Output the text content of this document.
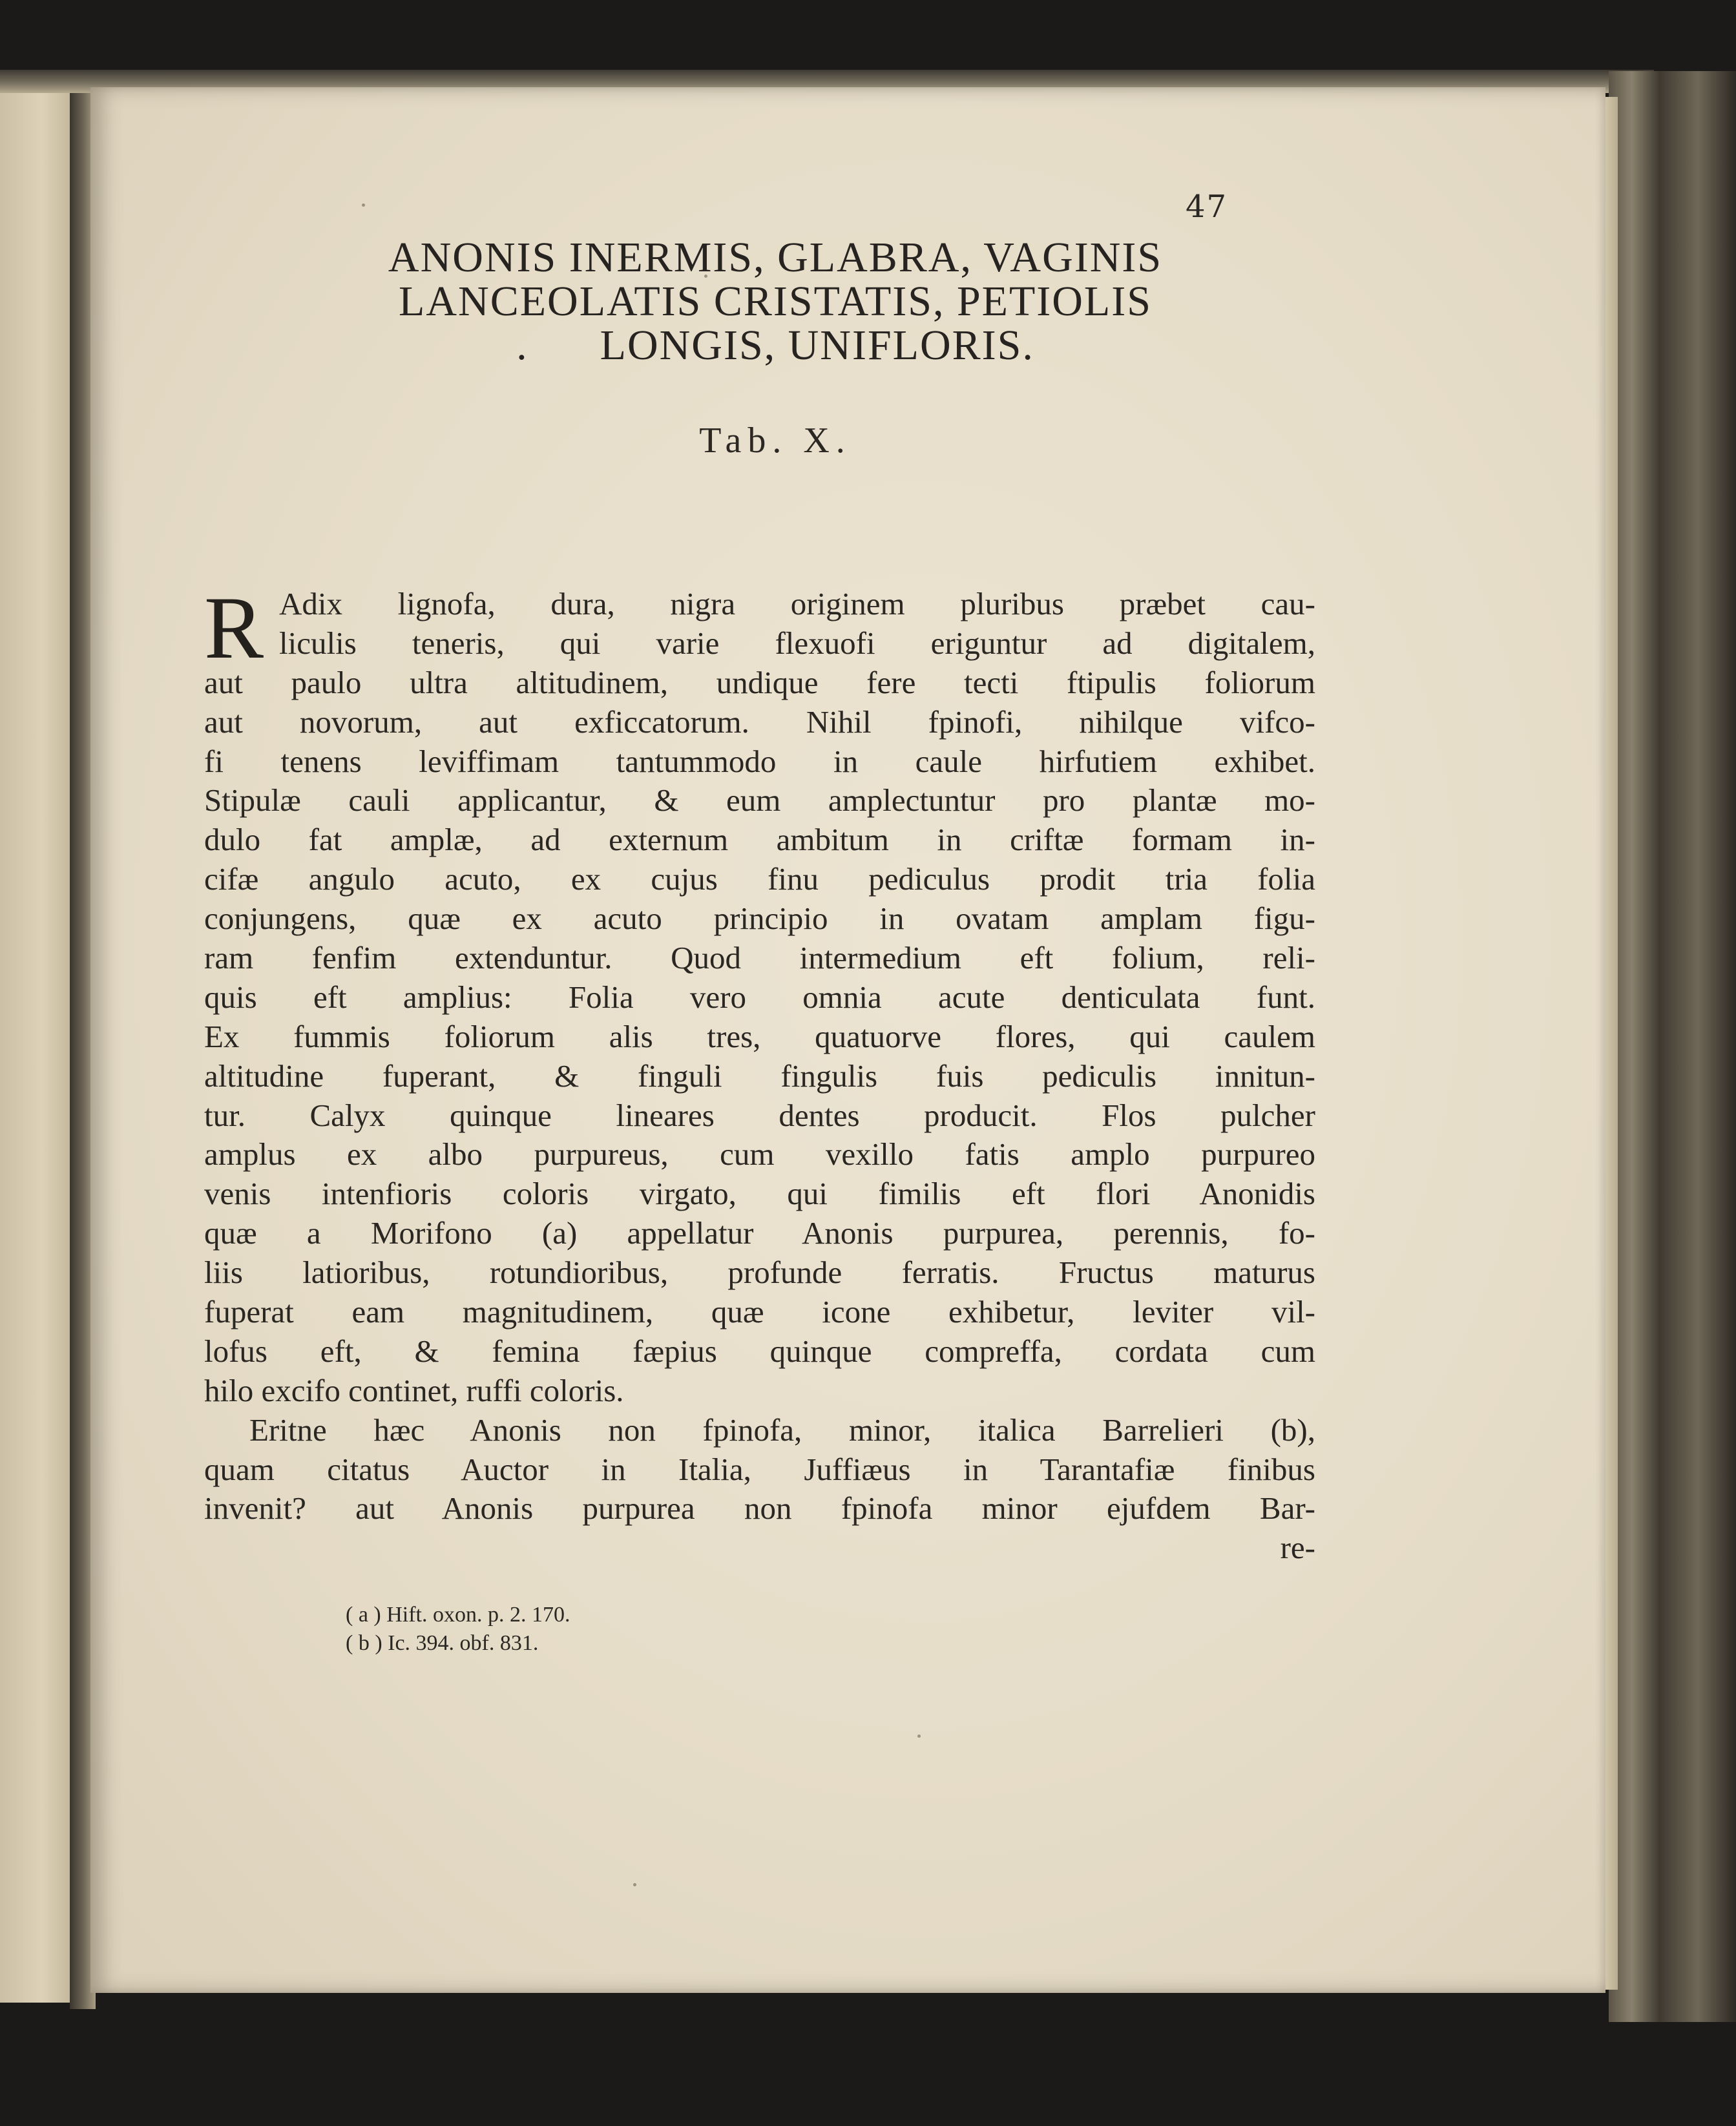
47
ANONIS INERMIS, GLABRA, VAGINIS
LANCEOLATIS CRISTATIS, PETIOLIS
.      LONGIS, UNIFLORIS.
Tab. X.
R Adix lignofa, dura, nigra originem pluribus præbet cau-
liculis teneris, qui varie flexuofi eriguntur ad digitalem,
aut paulo ultra altitudinem, undique fere tecti ftipulis foliorum
aut novorum, aut exficcatorum. Nihil fpinofi, nihilque vifco-
fi tenens leviffimam tantummodo in caule hirfutiem exhibet.
Stipulæ cauli applicantur, & eum amplectuntur pro plantæ mo-
dulo fat amplæ, ad externum ambitum in criftæ formam in-
cifæ angulo acuto, ex cujus finu pediculus prodit tria folia
conjungens, quæ ex acuto principio in ovatam amplam figu-
ram fenfim extenduntur. Quod intermedium eft folium, reli-
quis eft amplius: Folia vero omnia acute denticulata funt.
Ex fummis foliorum alis tres, quatuorve flores, qui caulem
altitudine fuperant, & finguli fingulis fuis pediculis innitun-
tur. Calyx quinque lineares dentes producit. Flos pulcher
amplus ex albo purpureus, cum vexillo fatis amplo purpureo
venis intenfioris coloris virgato, qui fimilis eft flori Anonidis
quæ a Morifono (a) appellatur Anonis purpurea, perennis, fo-
liis latioribus, rotundioribus, profunde ferratis. Fructus maturus
fuperat eam magnitudinem, quæ icone exhibetur, leviter vil-
lofus eft, & femina fæpius quinque compreffa, cordata cum
hilo excifo continet, ruffi coloris.
Eritne hæc Anonis non fpinofa, minor, italica Barrelieri (b),
quam citatus Auctor in Italia, Juffiæus in Tarantafiæ finibus
invenit? aut Anonis purpurea non fpinofa minor ejufdem Bar-
re-
( a ) Hift. oxon. p. 2. 170.
( b ) Ic. 394. obf. 831.
